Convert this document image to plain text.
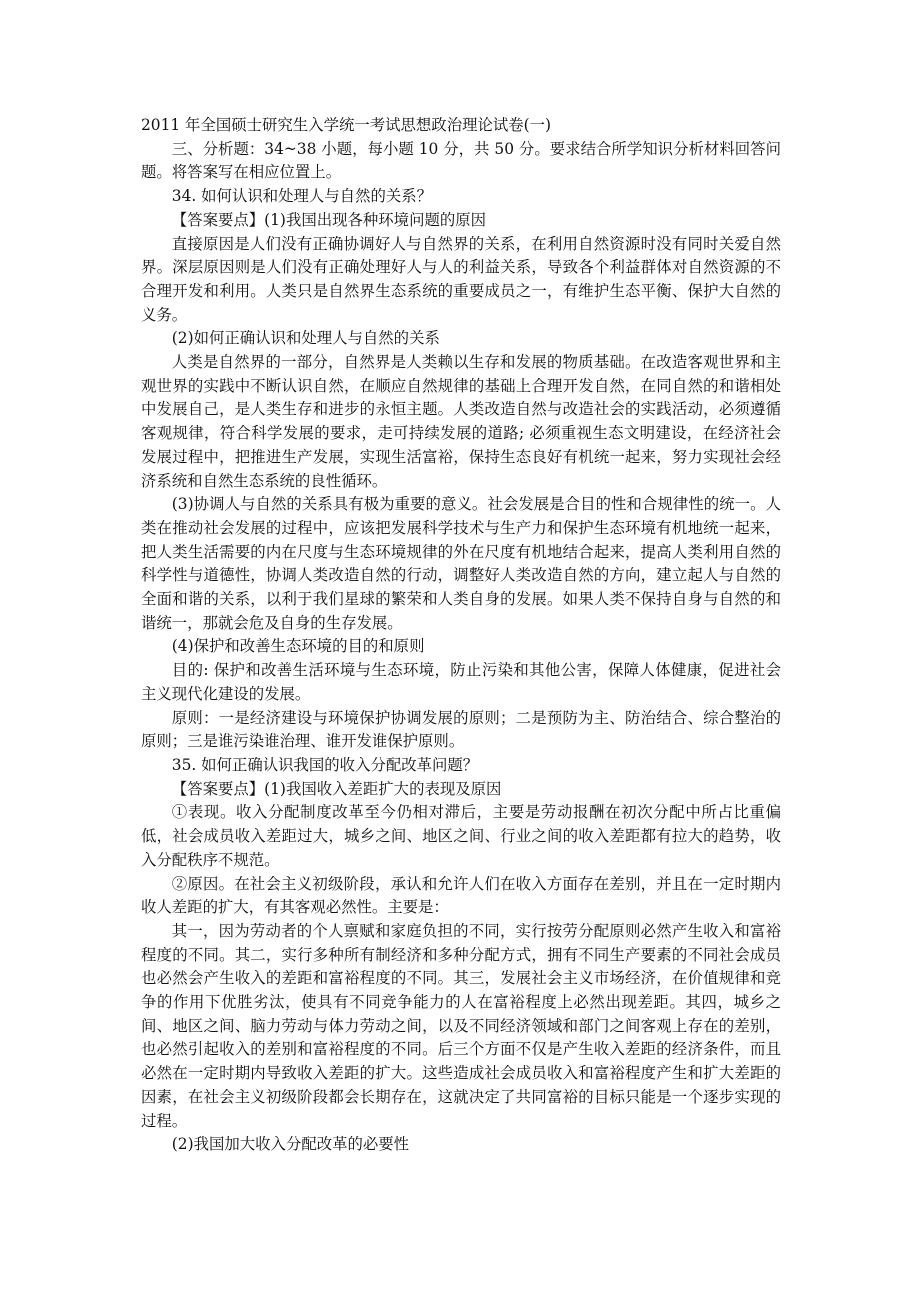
2011 年全国硕士研究生入学统一考试思想政治理论试卷(一)

三、分析题：34~38 小题，每小题 10 分，共 50 分。要求结合所学知识分析材料回答问题。将答案写在相应位置上。

34. 如何认识和处理人与自然的关系？

【答案要点】(1)我国出现各种环境问题的原因

直接原因是人们没有正确协调好人与自然界的关系，在利用自然资源时没有同时关爱自然界。深层原因则是人们没有正确处理好人与人的利益关系，导致各个利益群体对自然资源的不合理开发和利用。人类只是自然界生态系统的重要成员之一，有维护生态平衡、保护大自然的义务。

(2)如何正确认识和处理人与自然的关系

人类是自然界的一部分，自然界是人类赖以生存和发展的物质基础。在改造客观世界和主观世界的实践中不断认识自然，在顺应自然规律的基础上合理开发自然，在同自然的和谐相处中发展自己，是人类生存和进步的永恒主题。人类改造自然与改造社会的实践活动，必须遵循客观规律，符合科学发展的要求，走可持续发展的道路; 必须重视生态文明建设，在经济社会发展过程中，把推进生产发展，实现生活富裕，保持生态良好有机统一起来，努力实现社会经济系统和自然生态系统的良性循环。

(3)协调人与自然的关系具有极为重要的意义。社会发展是合目的性和合规律性的统一。人类在推动社会发展的过程中，应该把发展科学技术与生产力和保护生态环境有机地统一起来，把人类生活需要的内在尺度与生态环境规律的外在尺度有机地结合起来，提高人类利用自然的科学性与道德性，协调人类改造自然的行动，调整好人类改造自然的方向，建立起人与自然的全面和谐的关系，以利于我们星球的繁荣和人类自身的发展。如果人类不保持自身与自然的和谐统一，那就会危及自身的生存发展。

(4)保护和改善生态环境的目的和原则

目的: 保护和改善生活环境与生态环境，防止污染和其他公害，保障人体健康，促进社会主义现代化建设的发展。

原则：一是经济建设与环境保护协调发展的原则；二是预防为主、防治结合、综合整治的原则；三是谁污染谁治理、谁开发谁保护原则。

35. 如何正确认识我国的收入分配改革问题？

【答案要点】(1)我国收入差距扩大的表现及原因

①表现。收入分配制度改革至今仍相对滞后，主要是劳动报酬在初次分配中所占比重偏低，社会成员收入差距过大，城乡之间、地区之间、行业之间的收入差距都有拉大的趋势，收入分配秩序不规范。

②原因。在社会主义初级阶段，承认和允许人们在收入方面存在差别，并且在一定时期内收人差距的扩大，有其客观必然性。主要是：

其一，因为劳动者的个人禀赋和家庭负担的不同，实行按劳分配原则必然产生收入和富裕程度的不同。其二，实行多种所有制经济和多种分配方式，拥有不同生产要素的不同社会成员也必然会产生收入的差距和富裕程度的不同。其三，发展社会主义市场经济，在价值规律和竞争的作用下优胜劣汰，使具有不同竞争能力的人在富裕程度上必然出现差距。其四，城乡之间、地区之间、脑力劳动与体力劳动之间，以及不同经济领域和部门之间客观上存在的差别，也必然引起收入的差别和富裕程度的不同。后三个方面不仅是产生收入差距的经济条件，而且必然在一定时期内导致收入差距的扩大。这些造成社会成员收入和富裕程度产生和扩大差距的因素，在社会主义初级阶段都会长期存在，这就决定了共同富裕的目标只能是一个逐步实现的过程。

(2)我国加大收入分配改革的必要性
